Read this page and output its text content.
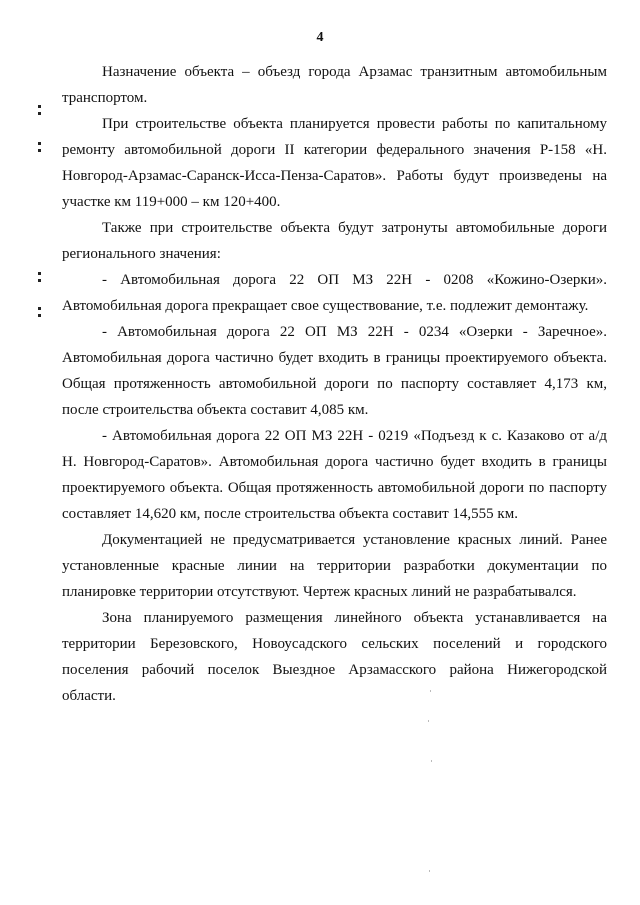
4

Назначение объекта – объезд города Арзамас транзитным автомобильным транспортом.

При строительстве объекта планируется провести работы по капитальному ремонту автомобильной дороги II категории федерального значения Р-158 «Н. Новгород-Арзамас-Саранск-Исса-Пенза-Саратов». Работы будут произведены на участке км 119+000 – км 120+400.

Также при строительстве объекта будут затронуты автомобильные дороги регионального значения:

- Автомобильная дорога 22 ОП МЗ 22Н - 0208 «Кожино-Озерки». Автомобильная дорога прекращает свое существование, т.е. подлежит демонтажу.

- Автомобильная дорога 22 ОП МЗ 22Н - 0234 «Озерки - Заречное». Автомобильная дорога частично будет входить в границы проектируемого объекта. Общая протяженность автомобильной дороги по паспорту составляет 4,173 км, после строительства объекта составит 4,085 км.

- Автомобильная дорога 22 ОП МЗ 22Н - 0219 «Подъезд к с. Казаково от а/д Н. Новгород-Саратов». Автомобильная дорога частично будет входить в границы проектируемого объекта. Общая протяженность автомобильной дороги по паспорту составляет 14,620 км, после строительства объекта составит 14,555 км.

Документацией не предусматривается установление красных линий. Ранее установленные красные линии на территории разработки документации по планировке территории отсутствуют. Чертеж красных линий не разрабатывался.

Зона планируемого размещения линейного объекта устанавливается на территории Березовского, Новоусадского сельских поселений и городского поселения рабочий поселок Выездное Арзамасского района Нижегородской области.
